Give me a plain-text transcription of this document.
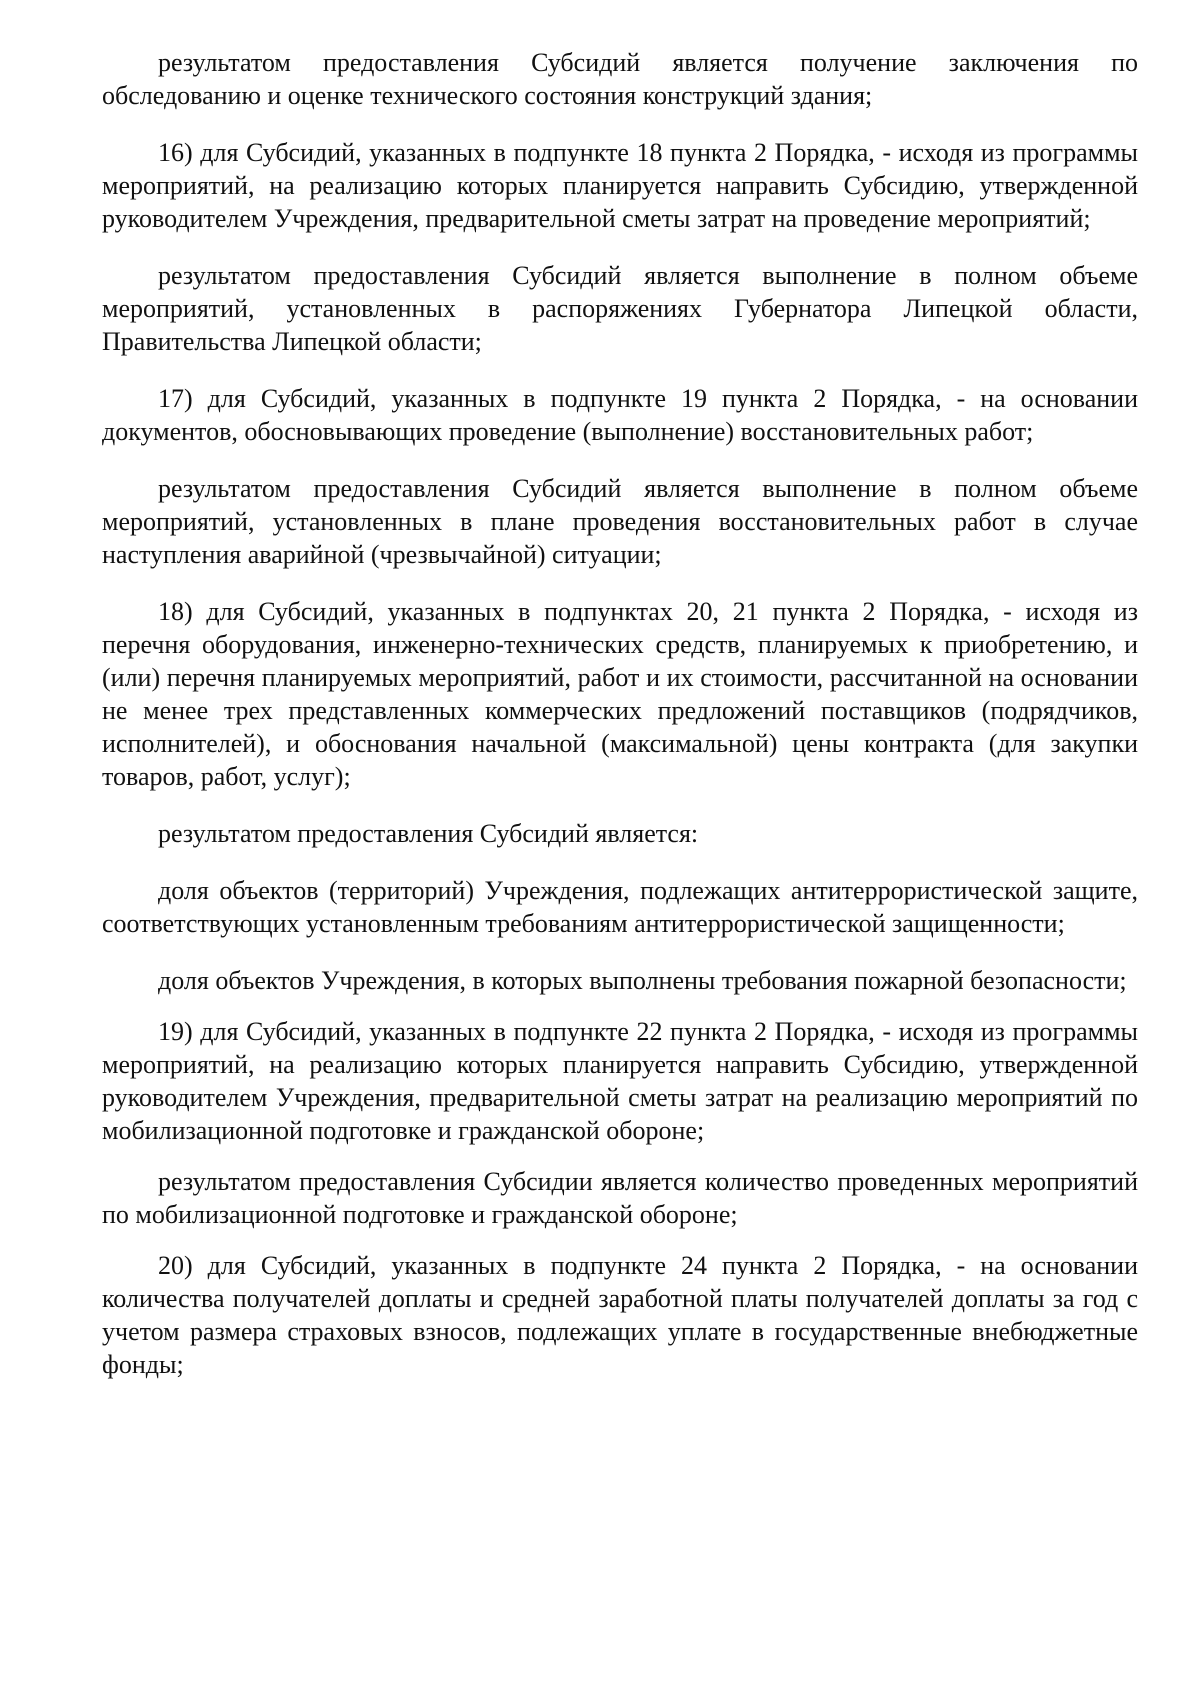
результатом предоставления Субсидий является получение заключения по обследованию и оценке технического состояния конструкций здания;

16) для Субсидий, указанных в подпункте 18 пункта 2 Порядка, - исходя из программы мероприятий, на реализацию которых планируется направить Субсидию, утвержденной руководителем Учреждения, предварительной сметы затрат на проведение мероприятий;

результатом предоставления Субсидий является выполнение в полном объеме мероприятий, установленных в распоряжениях Губернатора Липецкой области, Правительства Липецкой области;

17) для Субсидий, указанных в подпункте 19 пункта 2 Порядка, - на основании документов, обосновывающих проведение (выполнение) восстановительных работ;

результатом предоставления Субсидий является выполнение в полном объеме мероприятий, установленных в плане проведения восстановительных работ в случае наступления аварийной (чрезвычайной) ситуации;

18) для Субсидий, указанных в подпунктах 20, 21 пункта 2 Порядка, - исходя из перечня оборудования, инженерно-технических средств, планируемых к приобретению, и (или) перечня планируемых мероприятий, работ и их стоимости, рассчитанной на основании не менее трех представленных коммерческих предложений поставщиков (подрядчиков, исполнителей), и обоснования начальной (максимальной) цены контракта (для закупки товаров, работ, услуг);

результатом предоставления Субсидий является:

доля объектов (территорий) Учреждения, подлежащих антитеррористической защите, соответствующих установленным требованиям антитеррористической защищенности;

доля объектов Учреждения, в которых выполнены требования пожарной безопасности;

19) для Субсидий, указанных в подпункте 22 пункта 2 Порядка, - исходя из программы мероприятий, на реализацию которых планируется направить Субсидию, утвержденной руководителем Учреждения, предварительной сметы затрат на реализацию мероприятий по мобилизационной подготовке и гражданской обороне;

результатом предоставления Субсидии является количество проведенных мероприятий по мобилизационной подготовке и гражданской обороне;

20) для Субсидий, указанных в подпункте 24 пункта 2 Порядка, - на основании количества получателей доплаты и средней заработной платы получателей доплаты за год с учетом размера страховых взносов, подлежащих уплате в государственные внебюджетные фонды;
